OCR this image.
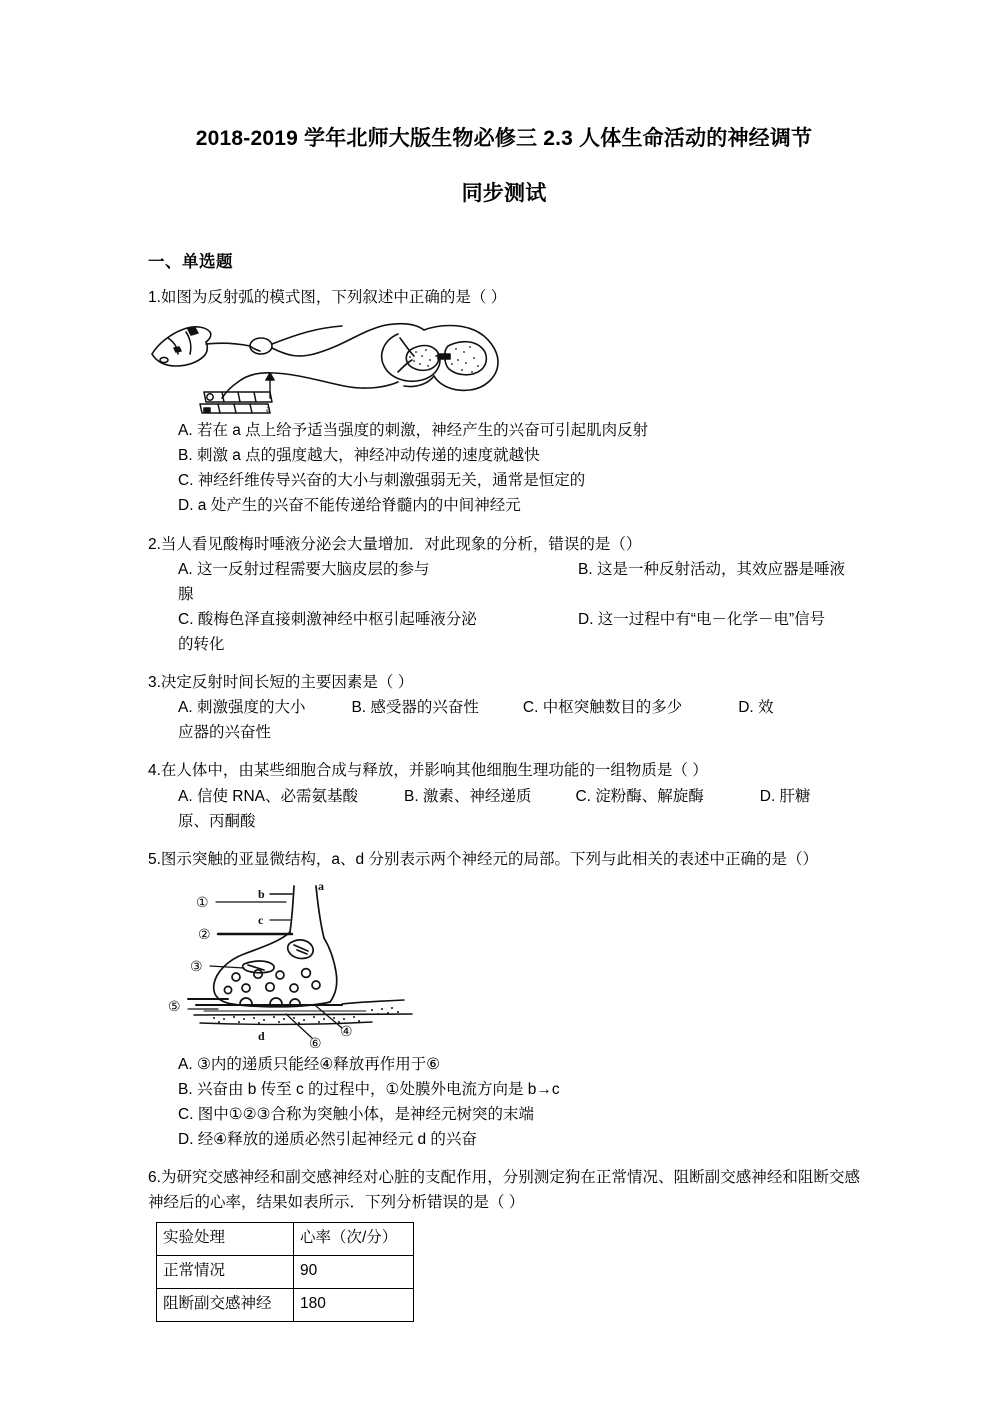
2018-2019 学年北师大版生物必修三 2.3 人体生命活动的神经调节
同步测试
一、单选题

1.如图为反射弧的模式图，下列叙述中正确的是（ ）

a
A. 若在 a 点上给予适当强度的刺激，神经产生的兴奋可引起肌肉反射
B. 刺激 a 点的强度越大，神经冲动传递的速度就越快
C. 神经纤维传导兴奋的大小与刺激强弱无关，通常是恒定的
D. a 处产生的兴奋不能传递给脊髓内的中间神经元

2.当人看见酸梅时唾液分泌会大量增加．对此现象的分析，错误的是（）

A. 这一反射过程需要大脑皮层的参与	B. 这是一种反射活动，其效应器是唾液
腺
C. 酸梅色泽直接刺激神经中枢引起唾液分泌	D. 这一过程中有“电－化学－电”信号
的转化

3.决定反射时间长短的主要因素是（ ）

A. 刺激强度的大小	B. 感受器的兴奋性	C. 中枢突触数目的多少	D. 效
应器的兴奋性

4.在人体中，由某些细胞合成与释放，并影响其他细胞生理功能的一组物质是（ ）

A. 信使 RNA、必需氨基酸	B. 激素、神经递质	C. 淀粉酶、解旋酶	D. 肝糖
原、丙酮酸

5.图示突触的亚显微结构，a、d 分别表示两个神经元的局部。下列与此相关的表述中正确的是（）

a
b
c
d
①
②
③
④
⑤
⑥
A. ③内的递质只能经④释放再作用于⑥
B. 兴奋由 b 传至 c 的过程中，①处膜外电流方向是 b→c
C. 图中①②③合称为突触小体，是神经元树突的末端
D. 经④释放的递质必然引起神经元 d 的兴奋

6.为研究交感神经和副交感神经对心脏的支配作用，分别测定狗在正常情况、阻断副交感神经和阻断交感神经后的心率，结果如表所示．下列分析错误的是（ ）

实验处理	心率（次/分）
正常情况	90
阻断副交感神经	180
